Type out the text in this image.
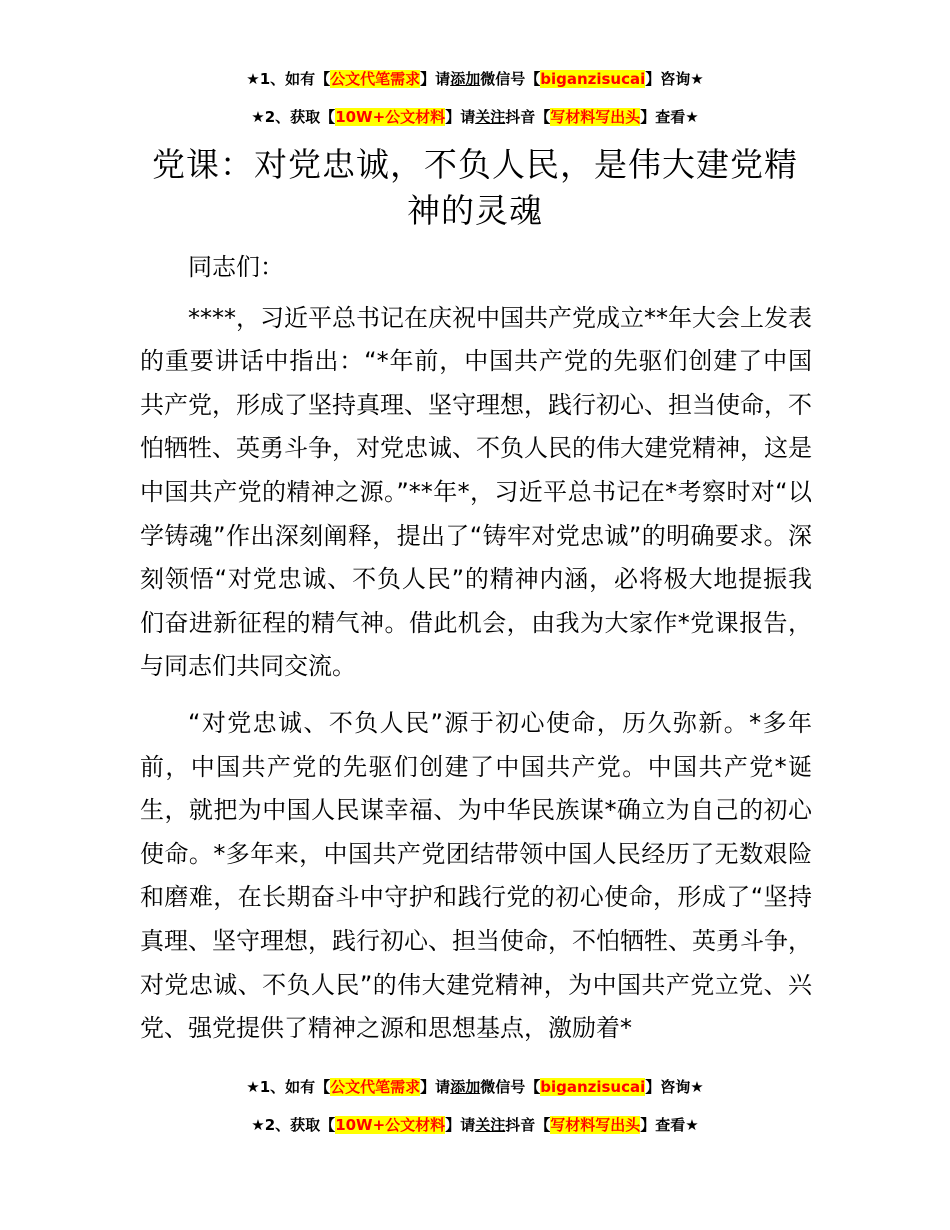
★1、如有【公文代笔需求】请添加微信号【biganzisucai】咨询★
★2、获取【10W+公文材料】请关注抖音【写材料写出头】查看★
党课：对党忠诚，不负人民，是伟大建党精神的灵魂

同志们：

****，习近平总书记在庆祝中国共产党成立**年大会上发表的重要讲话中指出：“*年前，中国共产党的先驱们创建了中国共产党，形成了坚持真理、坚守理想，践行初心、担当使命，不怕牺牲、英勇斗争，对党忠诚、不负人民的伟大建党精神，这是中国共产党的精神之源。”**年*，习近平总书记在*考察时对“以学铸魂”作出深刻阐释，提出了“铸牢对党忠诚”的明确要求。深刻领悟“对党忠诚、不负人民”的精神内涵，必将极大地提振我们奋进新征程的精气神。借此机会，由我为大家作*党课报告，与同志们共同交流。

“对党忠诚、不负人民”源于初心使命，历久弥新。*多年前，中国共产党的先驱们创建了中国共产党。中国共产党*诞生，就把为中国人民谋幸福、为中华民族谋*确立为自己的初心使命。*多年来，中国共产党团结带领中国人民经历了无数艰险和磨难，在长期奋斗中守护和践行党的初心使命，形成了“坚持真理、坚守理想，践行初心、担当使命，不怕牺牲、英勇斗争，对党忠诚、不负人民”的伟大建党精神，为中国共产党立党、兴党、强党提供了精神之源和思想基点，激励着*

★1、如有【公文代笔需求】请添加微信号【biganzisucai】咨询★
★2、获取【10W+公文材料】请关注抖音【写材料写出头】查看★
